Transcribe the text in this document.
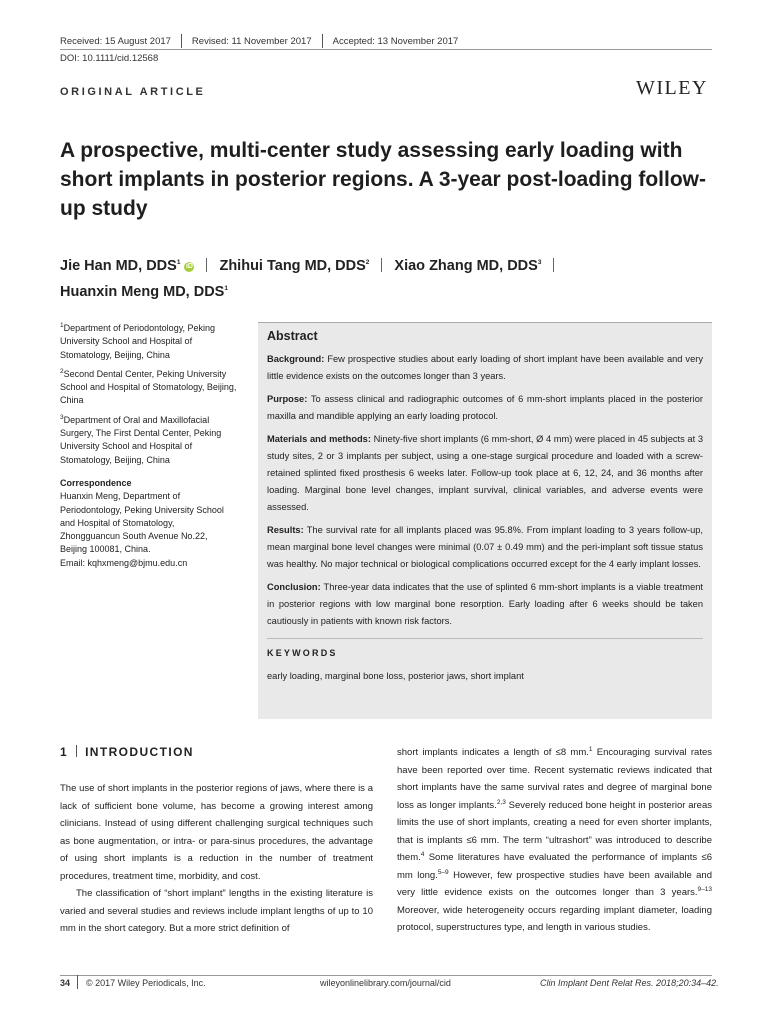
Received: 15 August 2017 Revised: 11 November 2017 Accepted: 13 November 2017
DOI: 10.1111/cid.12568
ORIGINAL ARTICLE	WILEY
A prospective, multi-center study assessing early loading with short implants in posterior regions. A 3-year post-loading follow-up study
Jie Han MD, DDS$^1$iD Zhihui Tang MD, DDS$^2$ Xiao Zhang MD, DDS$^3$
Huanxin Meng MD, DDS$^1$

$^1$Department of Periodontology, Peking University School and Hospital of Stomatology, Beijing, China

$^2$Second Dental Center, Peking University School and Hospital of Stomatology, Beijing, China

$^3$Department of Oral and Maxillofacial Surgery, The First Dental Center, Peking University School and Hospital of Stomatology, Beijing, China

Correspondence

Huanxin Meng, Department of
Periodontology, Peking University School
and Hospital of Stomatology,
Zhongguancun South Avenue No.22,
Beijing 100081, China.
Email: kqhxmeng@bjmu.edu.cn
Abstract

Background: Few prospective studies about early loading of short implant have been available and very little evidence exists on the outcomes longer than 3 years.

Purpose: To assess clinical and radiographic outcomes of 6 mm-short implants placed in the posterior maxilla and mandible applying an early loading protocol.

Materials and methods: Ninety-five short implants (6 mm-short, Ø 4 mm) were placed in 45 subjects at 3 study sites, 2 or 3 implants per subject, using a one-stage surgical procedure and loaded with a screw-retained splinted fixed prosthesis 6 weeks later. Follow-up took place at 6, 12, 24, and 36 months after loading. Marginal bone level changes, implant survival, clinical variables, and adverse events were assessed.

Results: The survival rate for all implants placed was 95.8%. From implant loading to 3 years follow-up, mean marginal bone level changes were minimal (0.07 ± 0.49 mm) and the peri-implant soft tissue status was healthy. No major technical or biological complications occurred except for the 4 early implant losses.

Conclusion: Three-year data indicates that the use of splinted 6 mm-short implants is a viable treatment in posterior regions with low marginal bone resorption. Early loading after 6 weeks should be taken cautiously in patients with known risk factors.

KEYWORDS

early loading, marginal bone loss, posterior jaws, short implant

1 INTRODUCTION

The use of short implants in the posterior regions of jaws, where there is a lack of sufficient bone volume, has become a growing interest among clinicians. Instead of using different challenging surgical techniques such as bone augmentation, or intra- or para-sinus procedures, the advantage of using short implants is a reduction in the number of treatment procedures, treatment time, morbidity, and cost.

The classification of “short implant” lengths in the existing literature is varied and several studies and reviews include implant lengths of up to 10 mm in the short category. But a more strict definition of

short implants indicates a length of ≤8 mm.$^1$ Encouraging survival rates have been reported over time. Recent systematic reviews indicated that short implants have the same survival rates and degree of marginal bone loss as longer implants.$^{2,3}$ Severely reduced bone height in posterior areas limits the use of short implants, creating a need for even shorter implants, that is implants ≤6 mm. The term “ultrashort” was introduced to describe them.$^4$ Some literatures have evaluated the performance of implants ≤6 mm long.$^{5-9}$ However, few prospective studies have been available and very little evidence exists on the outcomes longer than 3 years.$^{9-13}$ Moreover, wide heterogeneity occurs regarding implant diameter, loading protocol, superstructures type, and length in various studies.

34 © 2017 Wiley Periodicals, Inc.	wileyonlinelibrary.com/journal/cid	Clin Implant Dent Relat Res. 2018;20:34–42.
